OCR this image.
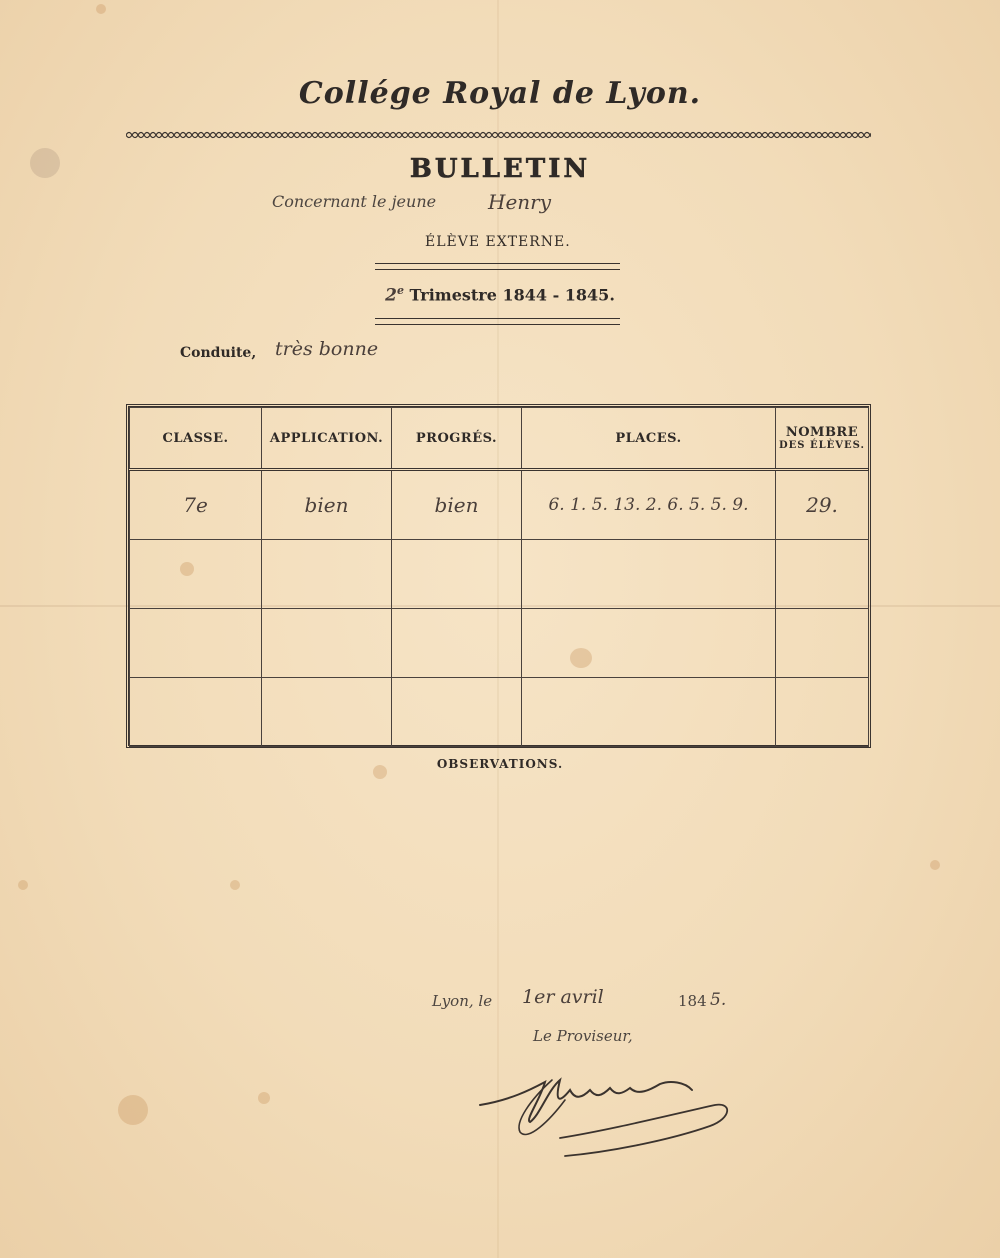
Collége Royal de Lyon.
BULLETIN
Concernant le jeune	Henry
ÉLÈVE EXTERNE.
2e Trimestre 1844 - 1845.
Conduite, très bonne
CLASSE.	APPLICATION.	PROGRÉS.	PLACES.	NOMBRE
DES ÉLÈVES.

7e	bien	bien	6. 1. 5. 13. 2. 6. 5. 5. 9.	29.

OBSERVATIONS.
Lyon, le 1er avril	184 5.
Le Proviseur,
